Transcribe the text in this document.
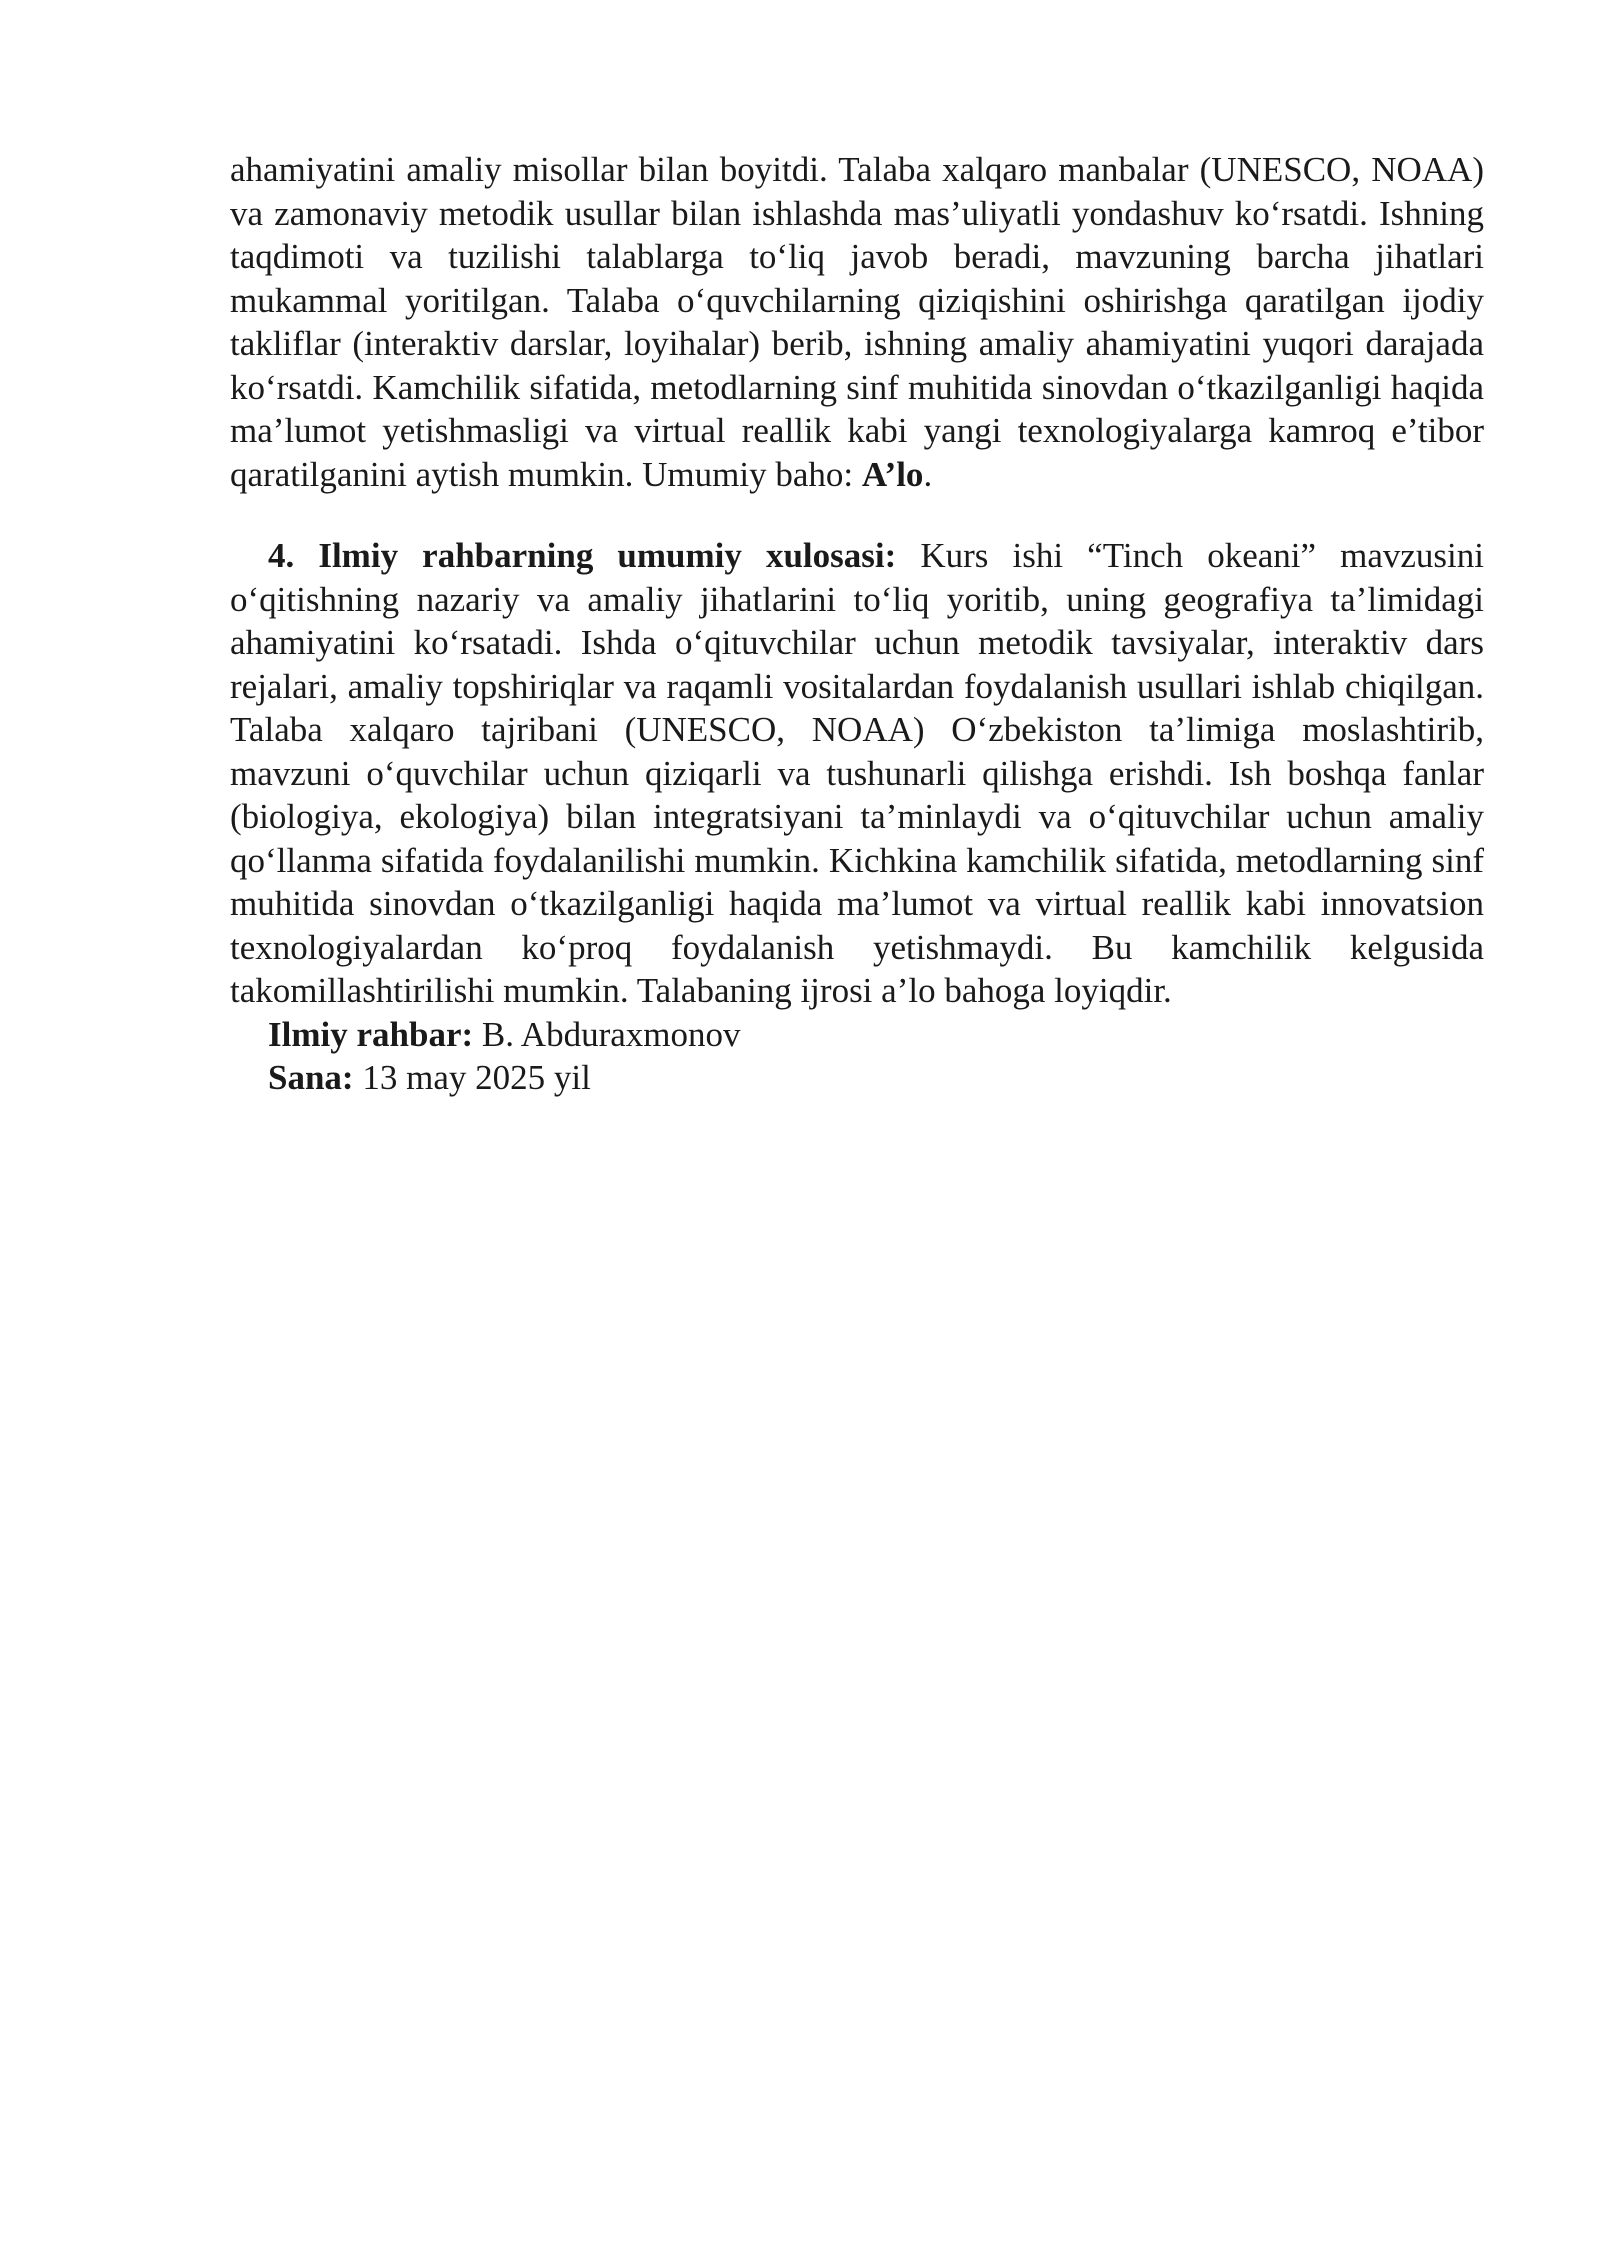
ahamiyatini amaliy misollar bilan boyitdi. Talaba xalqaro manbalar (UNESCO, NOAA) va zamonaviy metodik usullar bilan ishlashda mas’uliyatli yondashuv ko‘rsatdi. Ishning taqdimoti va tuzilishi talablarga to‘liq javob beradi, mavzuning barcha jihatlari mukammal yoritilgan. Talaba o‘quvchilarning qiziqishini oshirishga qaratilgan ijodiy takliflar (interaktiv darslar, loyihalar) berib, ishning amaliy ahamiyatini yuqori darajada ko‘rsatdi. Kamchilik sifatida, metodlarning sinf muhitida sinovdan o‘tkazilganligi haqida ma’lumot yetishmasligi va virtual reallik kabi yangi texnologiyalarga kamroq e’tibor qaratilganini aytish mumkin. Umumiy baho: A’lo.

4. Ilmiy rahbarning umumiy xulosasi: Kurs ishi “Tinch okeani” mavzusini o‘qitishning nazariy va amaliy jihatlarini to‘liq yoritib, uning geografiya ta’limidagi ahamiyatini ko‘rsatadi. Ishda o‘qituvchilar uchun metodik tavsiyalar, interaktiv dars rejalari, amaliy topshiriqlar va raqamli vositalardan foydalanish usullari ishlab chiqilgan. Talaba xalqaro tajribani (UNESCO, NOAA) O‘zbekiston ta’limiga moslashtirib, mavzuni o‘quvchilar uchun qiziqarli va tushunarli qilishga erishdi. Ish boshqa fanlar (biologiya, ekologiya) bilan integratsiyani ta’minlaydi va o‘qituvchilar uchun amaliy qo‘llanma sifatida foydalanilishi mumkin. Kichkina kamchilik sifatida, metodlarning sinf muhitida sinovdan o‘tkazilganligi haqida ma’lumot va virtual reallik kabi innovatsion texnologiyalardan ko‘proq foydalanish yetishmaydi. Bu kamchilik kelgusida takomillashtirilishi mumkin. Talabaning ijrosi a’lo bahoga loyiqdir.

Ilmiy rahbar: B. Abduraxmonov

Sana: 13 may 2025 yil
